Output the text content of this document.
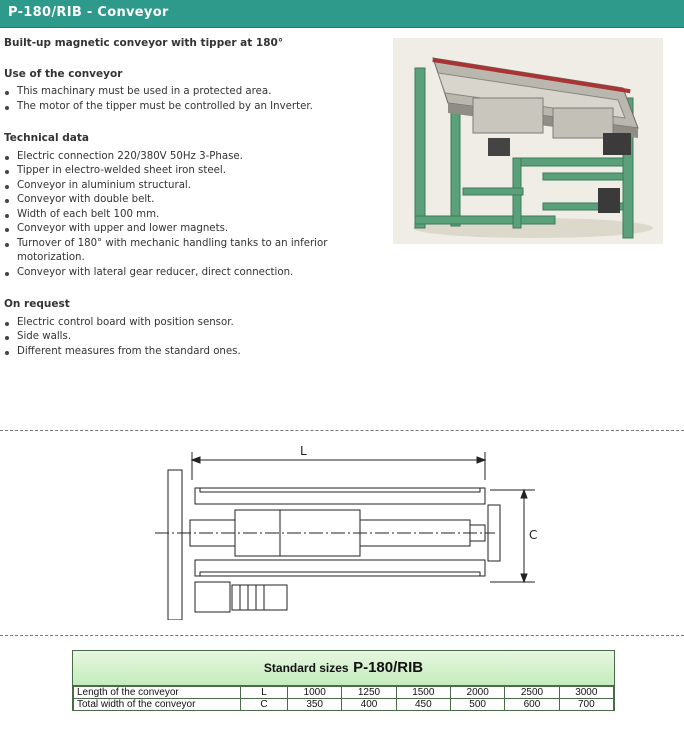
P-180/RIB - Conveyor
Built-up magnetic conveyor with tipper at 180°
Use of the conveyor
This machinary must be used in a protected area.
The motor of the tipper must be controlled by an Inverter.
Technical data
Electric connection 220/380V 50Hz 3-Phase.
Tipper in electro-welded sheet iron steel.
Conveyor in aluminium structural.
Conveyor with double belt.
Width of each belt 100 mm.
Conveyor with upper and lower magnets.
Turnover of 180° with mechanic handling tanks to an inferior motorization.
Conveyor with lateral gear reducer, direct connection.
On request
Electric control board with position sensor.
Side walls.
Different measures from the standard ones.
L
C
Standard sizes P-180/RIB
Length of the conveyor	L	1000	1250	1500	2000	2500	3000
Total width of the conveyor	C	350	400	450	500	600	700
